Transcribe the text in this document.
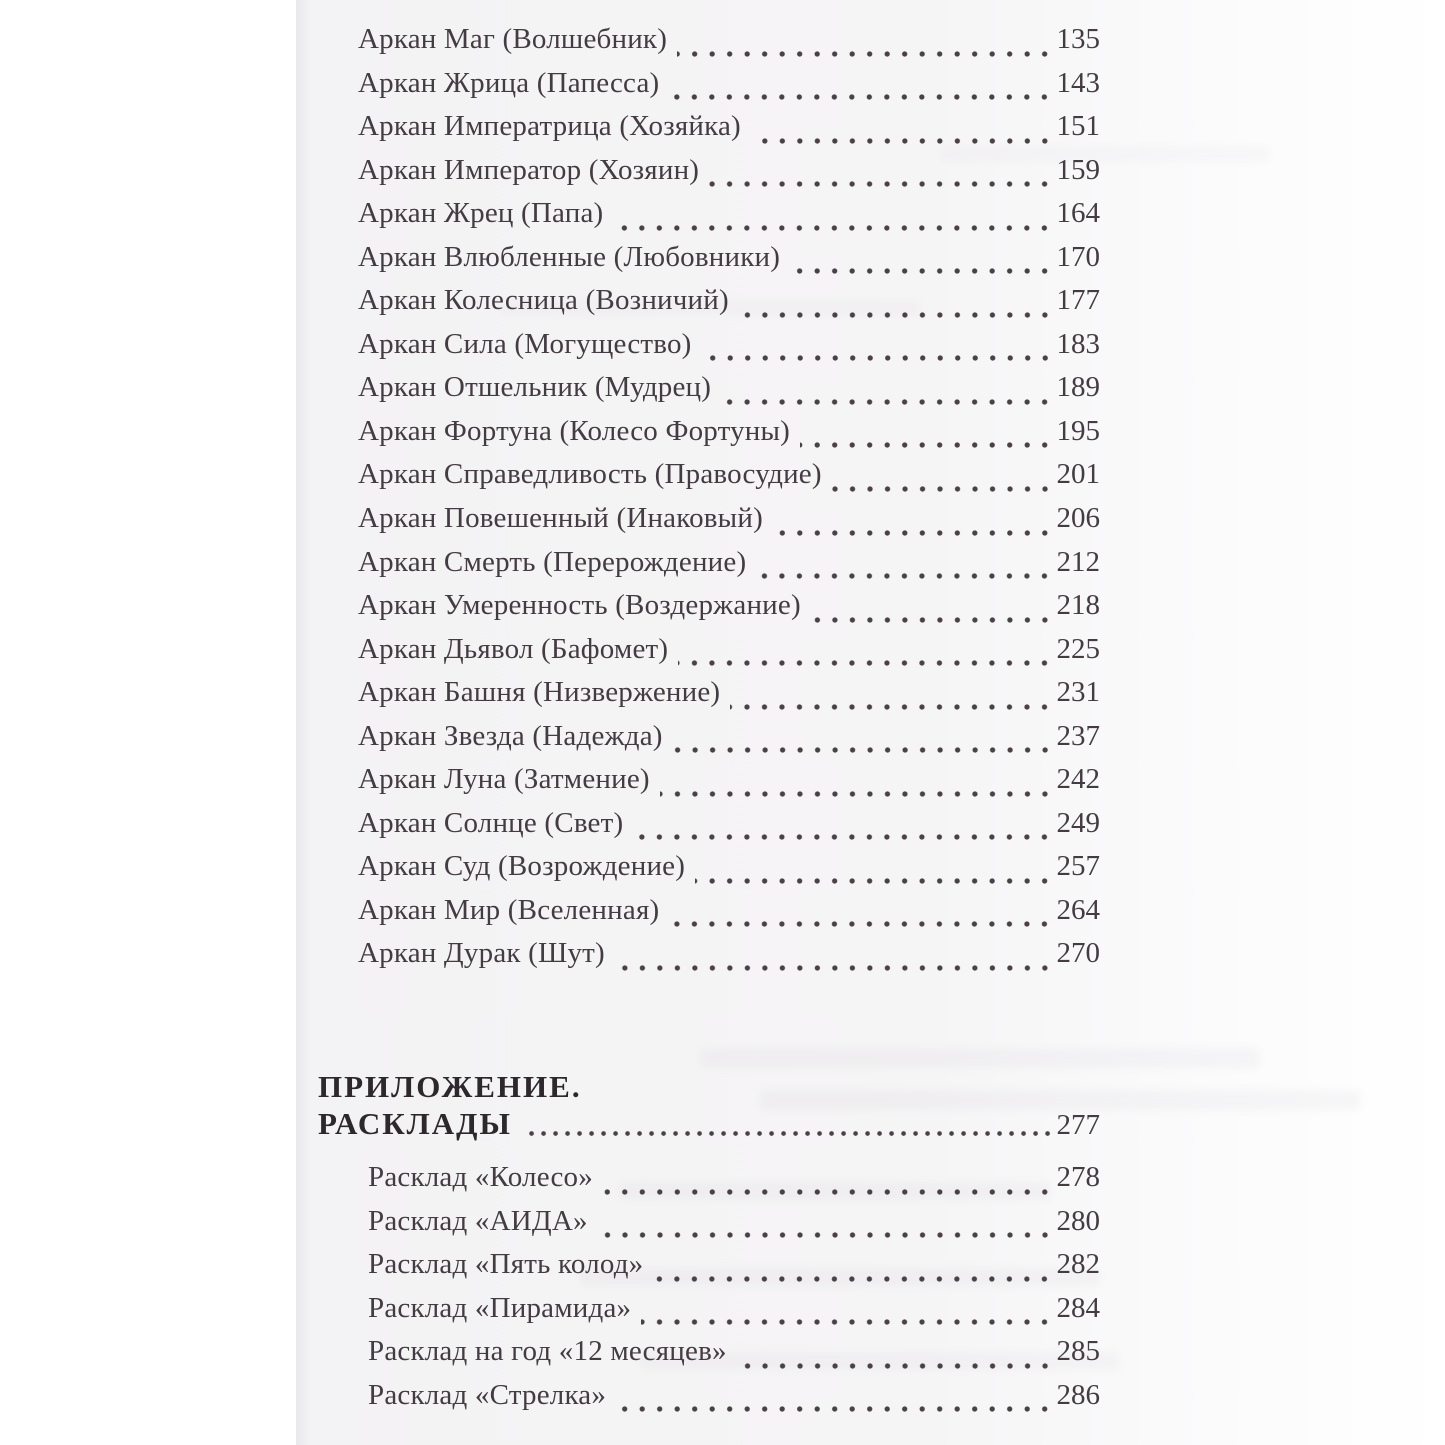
Аркан Маг (Волшебник)	135
Аркан Жрица (Папесса)	143
Аркан Императрица (Хозяйка)	151
Аркан Император (Хозяин)	159
Аркан Жрец (Папа)	164
Аркан Влюбленные (Любовники)	170
Аркан Колесница (Возничий)	177
Аркан Сила (Могущество)	183
Аркан Отшельник (Мудрец)	189
Аркан Фортуна (Колесо Фортуны)	195
Аркан Справедливость (Правосудие)	201
Аркан Повешенный (Инаковый)	206
Аркан Смерть (Перерождение)	212
Аркан Умеренность (Воздержание)	218
Аркан Дьявол (Бафомет)	225
Аркан Башня (Низвержение)	231
Аркан Звезда (Надежда)	237
Аркан Луна (Затмение)	242
Аркан Солнце (Свет)	249
Аркан Суд (Возрождение)	257
Аркан Мир (Вселенная)	264
Аркан Дурак (Шут)	270
ПРИЛОЖЕНИЕ.
РАСКЛАДЫ	277
Расклад «Колесо»	278
Расклад «АИДА»	280
Расклад «Пять колод»	282
Расклад «Пирамида»	284
Расклад на год «12 месяцев»	285
Расклад «Стрелка»	286
